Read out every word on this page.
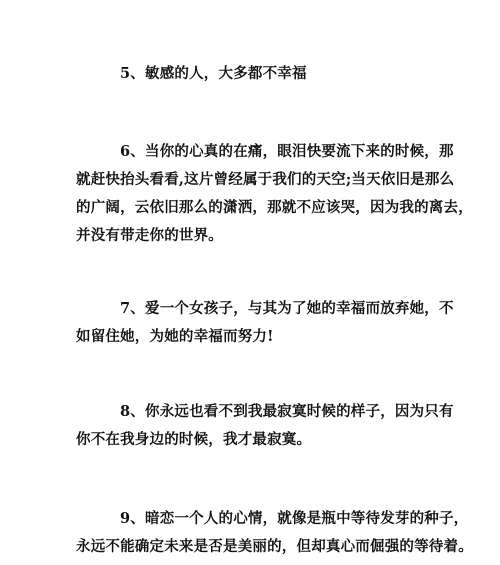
5、敏感的人，大多都不幸福

6、当你的心真的在痛，眼泪快要流下来的时候，那
就赶快抬头看看,这片曾经属于我们的天空;当天依旧是那么
的广阔，云依旧那么的潇洒，那就不应该哭，因为我的离去，
并没有带走你的世界。

7、爱一个女孩子，与其为了她的幸福而放弃她，不
如留住她，为她的幸福而努力!

8、你永远也看不到我最寂寞时候的样子，因为只有
你不在我身边的时候，我才最寂寞。

9、暗恋一个人的心情，就像是瓶中等待发芽的种子，
永远不能确定未来是否是美丽的，但却真心而倔强的等待着。
